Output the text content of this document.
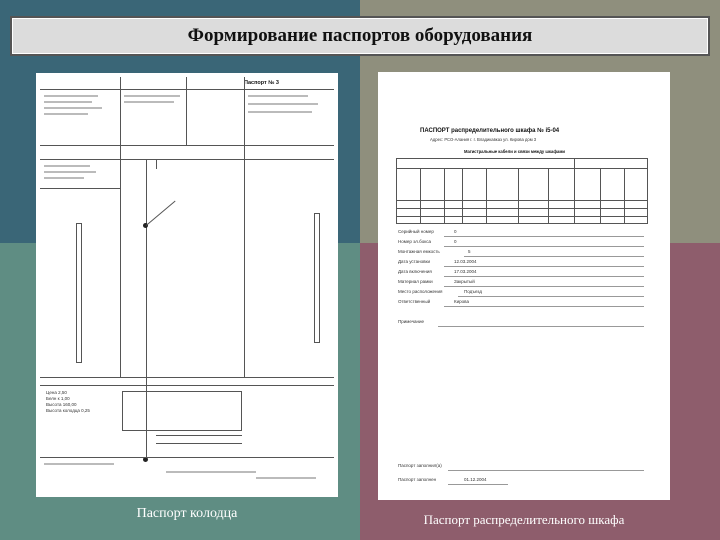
Формирование паспортов оборудования
Паспорт № 3
Цена 2,50
Белн к 1,00
Высота 160,00
Высота колодца 0,25
Паспорт колодца
ПАСПОРТ распределительного шкафа № i5-04
Адрес: РСО-Алания г. г. Владикавказ ул. Кирова дом 3
Магистральные кабели и связи между шкафами
Серийный номер	0
Номер эл.бокса	0
Монтажная емкость	5
Дата установки	12.03.2004
Дата включения	17.03.2004
Материал рамки	Закрытый
Место расположения	Подъезд
Ответственный	Кирова
Примечание
Паспорт заполнил(а)
Паспорт заполнен	01.12.2004
Паспорт распределительного шкафа
